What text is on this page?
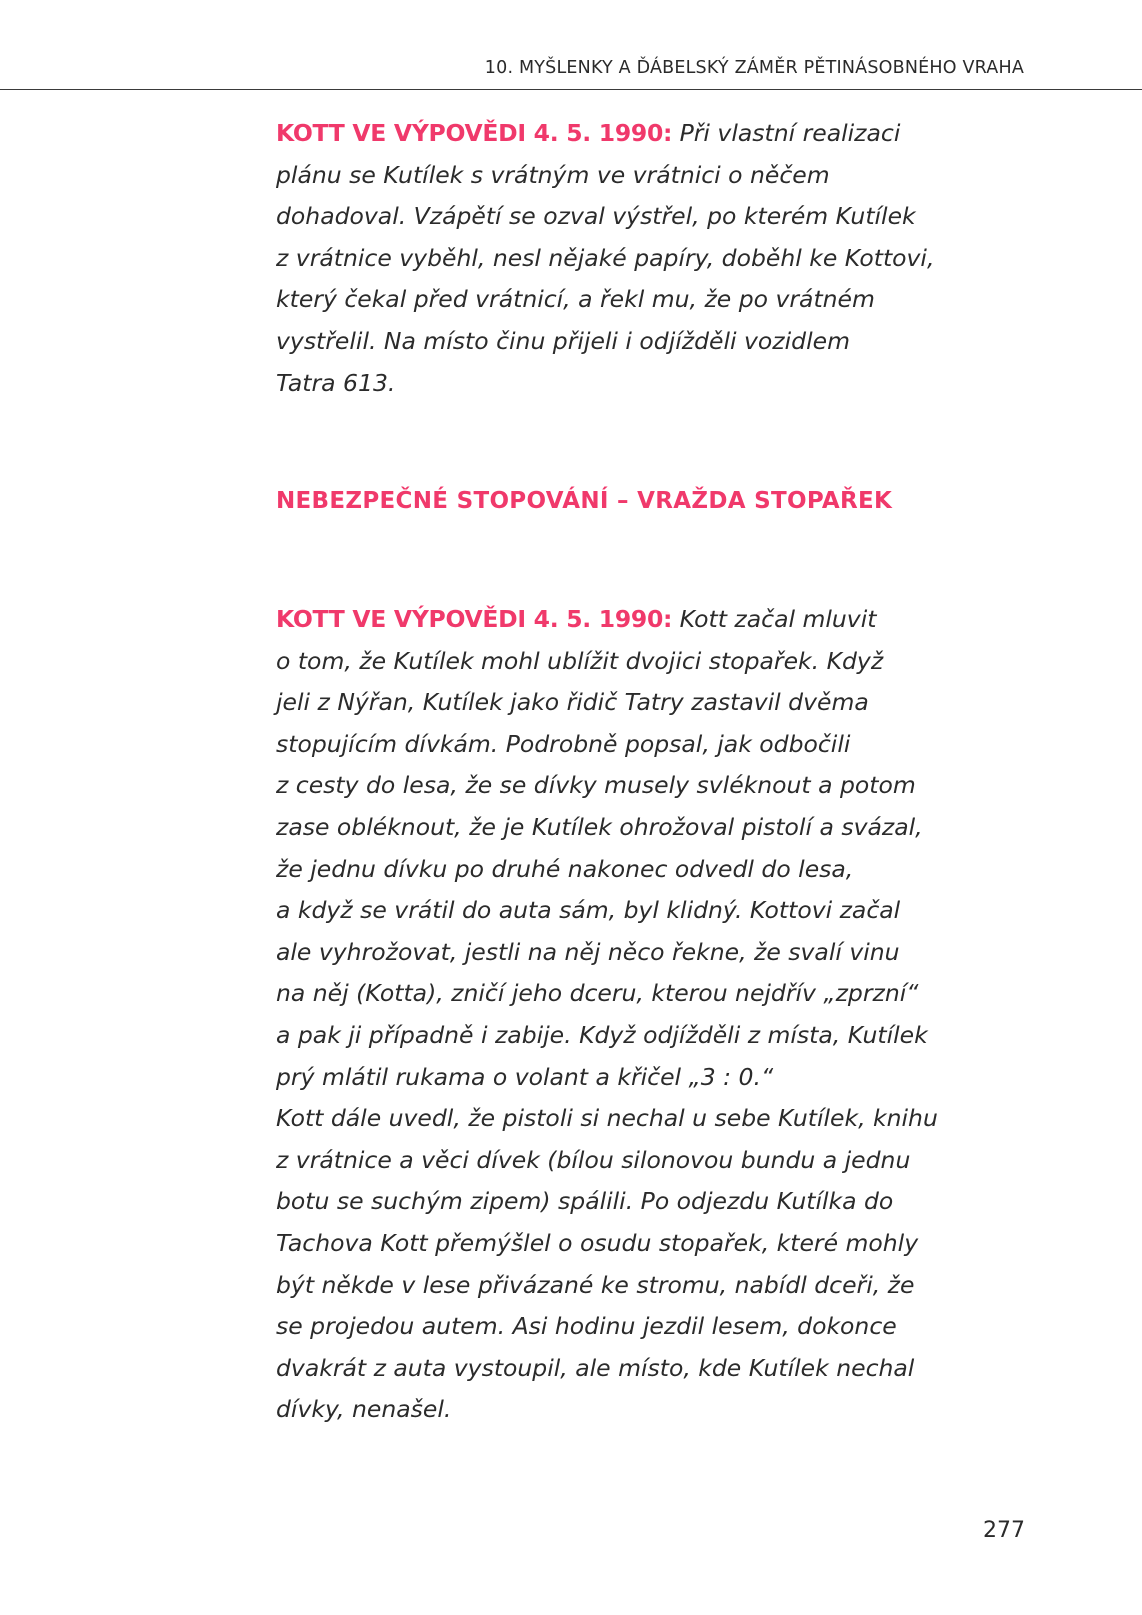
10. MYŠLENKY A ĎÁBELSKÝ ZÁMĚR PĚTINÁSOBNÉHO VRAHA
KOTT VE VÝPOVĚDI 4. 5. 1990: Při vlastní realizaci
plánu se Kutílek s vrátným ve vrátnici o něčem
dohadoval. Vzápětí se ozval výstřel, po kterém Kutílek
z vrátnice vyběhl, nesl nějaké papíry, doběhl ke Kottovi,
který čekal před vrátnicí, a řekl mu, že po vrátném
vystřelil. Na místo činu přijeli i odjížděli vozidlem
Tatra 613.
NEBEZPEČNÉ STOPOVÁNÍ – VRAŽDA STOPAŘEK
KOTT VE VÝPOVĚDI 4. 5. 1990: Kott začal mluvit
o tom, že Kutílek mohl ublížit dvojici stopařek. Když
jeli z Nýřan, Kutílek jako řidič Tatry zastavil dvěma
stopujícím dívkám. Podrobně popsal, jak odbočili
z cesty do lesa, že se dívky musely svléknout a potom
zase obléknout, že je Kutílek ohrožoval pistolí a svázal,
že jednu dívku po druhé nakonec odvedl do lesa,
a když se vrátil do auta sám, byl klidný. Kottovi začal
ale vyhrožovat, jestli na něj něco řekne, že svalí vinu
na něj (Kotta), zničí jeho dceru, kterou nejdřív „zprzní“
a pak ji případně i zabije. Když odjížděli z místa, Kutílek
prý mlátil rukama o volant a křičel „3 : 0.“
Kott dále uvedl, že pistoli si nechal u sebe Kutílek, knihu
z vrátnice a věci dívek (bílou silonovou bundu a jednu
botu se suchým zipem) spálili. Po odjezdu Kutílka do
Tachova Kott přemýšlel o osudu stopařek, které mohly
být někde v lese přivázané ke stromu, nabídl dceři, že
se projedou autem. Asi hodinu jezdil lesem, dokonce
dvakrát z auta vystoupil, ale místo, kde Kutílek nechal
dívky, nenašel.
277
